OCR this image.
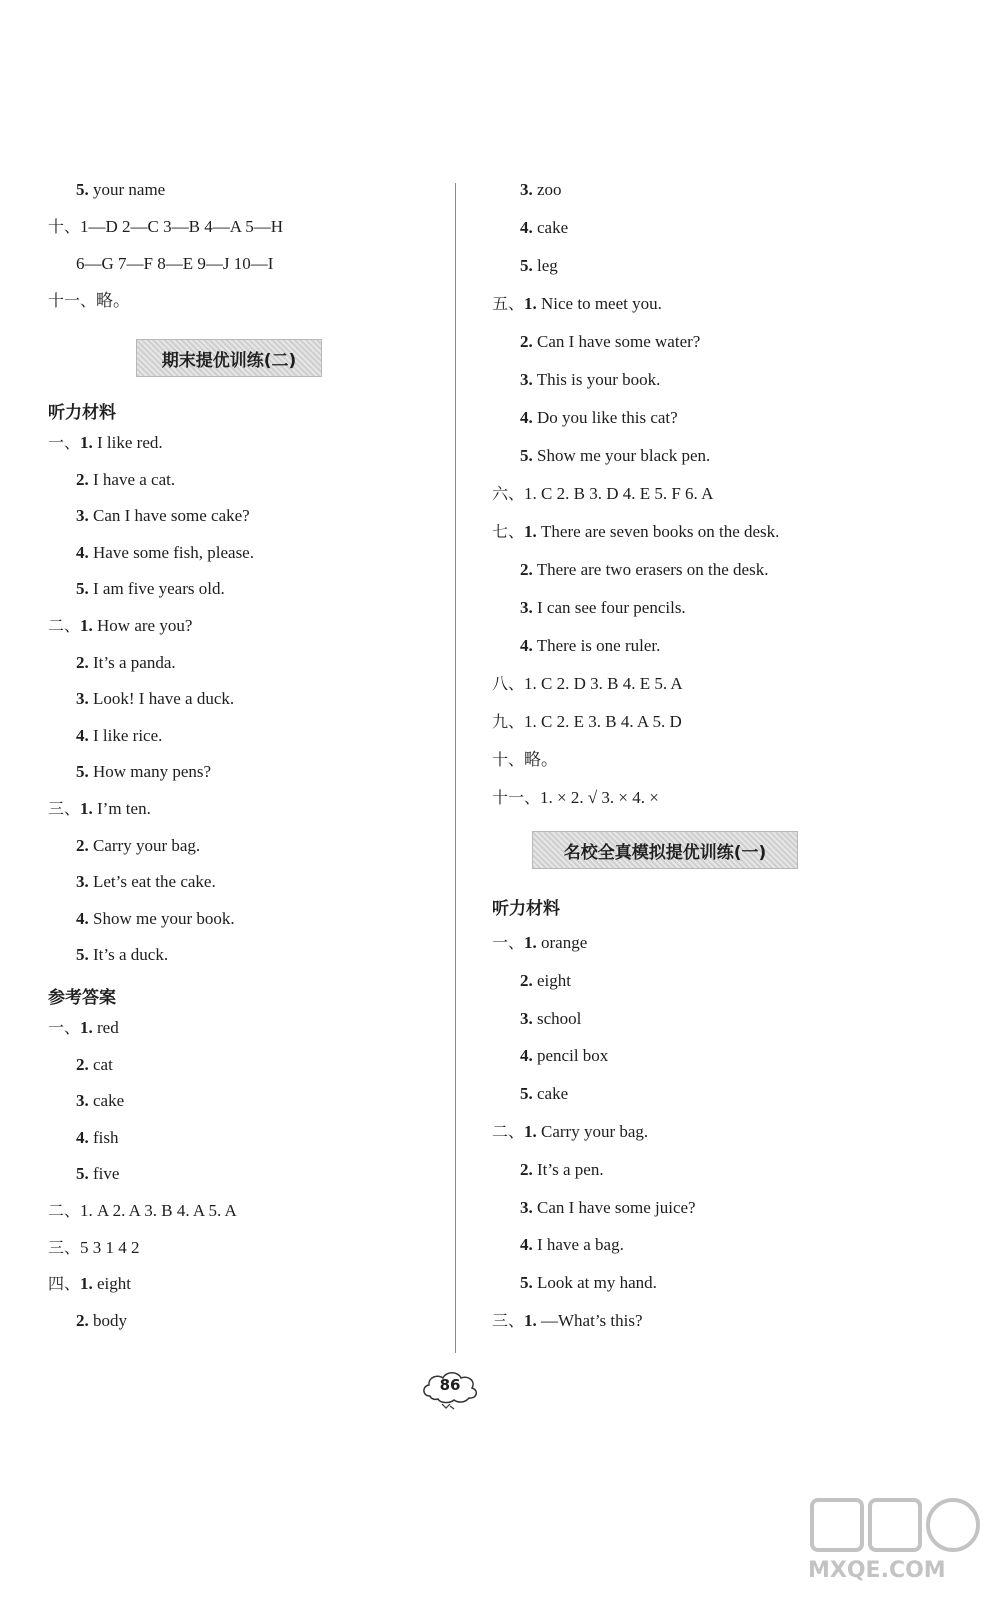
5. your name
十、1—D 2—C 3—B 4—A 5—H
6—G 7—F 8—E 9—J 10—I
十一、略。
期末提优训练(二)
听力材料
一、1. I like red.
2. I have a cat.
3. Can I have some cake?
4. Have some fish, please.
5. I am five years old.
二、1. How are you?
2. It’s a panda.
3. Look! I have a duck.
4. I like rice.
5. How many pens?
三、1. I’m ten.
2. Carry your bag.
3. Let’s eat the cake.
4. Show me your book.
5. It’s a duck.
参考答案
一、1. red
2. cat
3. cake
4. fish
5. five
二、1. A 2. A 3. B 4. A 5. A
三、5 3 1 4 2
四、1. eight
2. body
3. zoo
4. cake
5. leg
五、1. Nice to meet you.
2. Can I have some water?
3. This is your book.
4. Do you like this cat?
5. Show me your black pen.
六、1. C 2. B 3. D 4. E 5. F 6. A
七、1. There are seven books on the desk.
2. There are two erasers on the desk.
3. I can see four pencils.
4. There is one ruler.
八、1. C 2. D 3. B 4. E 5. A
九、1. C 2. E 3. B 4. A 5. D
十、略。
十一、1. × 2. √ 3. × 4. ×
名校全真模拟提优训练(一)
听力材料
一、1. orange
2. eight
3. school
4. pencil box
5. cake
二、1. Carry your bag.
2. It’s a pen.
3. Can I have some juice?
4. I have a bag.
5. Look at my hand.
三、1. —What’s this?
86
MXQE.COM
